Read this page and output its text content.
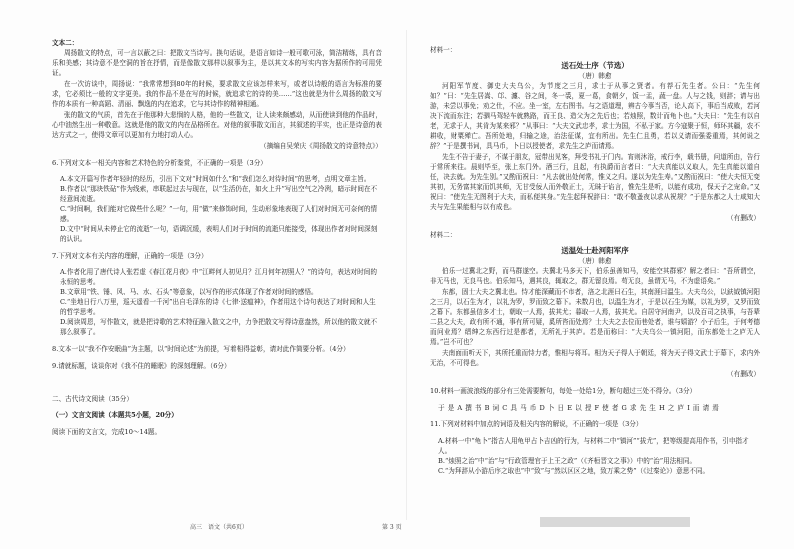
文本二：

周扬散文的特点，可一言以蔽之曰：把散文当诗写。换句话说，是语言如诗一般可歌可泳，简洁精练，具有音乐和美感；其诗意不是空洞的旨在抒情，而是像散文那样以叙事为主，是以其文本的写实内容为据所作的可用凭证。

在一次访谈中，周扬说：“我常常想到80年的时候，要求散文应该怎样来写，或者以诗般的语言为标准的要求，它必须比一般的文字更美。我的作品不是在写的时候，就追求它的诗的美……”这也就是为什么周扬的散文写作的本质有一种高蹈、清丽、飘逸的内在追求，它与其诗作的精神相通。

张的散文的气质，首先在于他那种大悲悯的人格，他的一些散文，让人读来颇感动，从而使读到他的作品时，心中油然生出一种敬意。这就是他的散文的内在品格所在。对他的叙事散文而言，其叙述的平实，也正是诗意的表达方式之一，使得文章可以更加有力地打动人心。

（摘编自吴荣庆《周扬散文的诗意特点》）

6.下列对文本一相关内容和艺术特色的分析鉴赏，不正确的一项是（3分）

A.本文开篇写作者年轻时的经历，引出下文对“时间如什么”和“我们怎么对待时间”的思考，点明文章主旨。

B.作者以“那块铁砧”作为线索，串联起过去与现在，以“生活仍在，如火上升”写出空气之冷冽，暗示时间在不经意间流逝。

C.“时间啊，我们能对它做些什么呢？”一句，用“做”来修饰时间，生动形象地表现了人们对时间无可奈何的情感。

D.文中“时间从未停止它的流逝”一句，语调沉缓，表明人们对于时间的流逝只能接受，体现出作者对时间深刻的认识。

7.下列对文本有关内容的理解，正确的一项是（3分）

A.作者化用了唐代诗人张若虚《春江花月夜》中“江畔何人初见月？江月何年初照人？”的诗句，表达对时间的永恒的思考。

B.文章用“铁、锤、风、马、水、石头”等意象，以写作的形式体现了作者对时间的感悟。

C.“坐地日行八万里，巡天遥看一千河”出自毛泽东的诗《七律·送瘟神》，作者用这个诗句表达了对时间和人生的哲学思考。

D.阅读周恩，写作散文，就是把诗歌的艺术特征融入散文之中，力争把散文写得诗意盎然，所以他的散文就不那么叙事了。

8.文本一以“我不作安眠曲”为主题，以“时间论述”为前提，写着相得益彰，请对此作简要分析。（4分）

9.请就标题，谈谈你对《我不住的睡眠》的深刻理解。（6分）

二、古代诗文阅读（35分）

（一）文言文阅读（本题共5小题，20分）

阅读下面的文言文，完成10～14题。

材料一：

送石处士序（节选）

（唐）韩愈

河阳军节度、御史大夫乌公，为节度之三月，求士于从事之贤者。有荐石先生者。公曰：“先生何如？”曰：“先生居嵩、邙、瀍、谷之间，冬一裘，夏一葛，食朝夕，饭一盂，蔬一盘。人与之钱，则辞；请与出游，未尝以事免；劝之仕，不应。坐一室，左右图书。与之语道理，辨古今事当否，论人高下，事后当成败，若河决下流而东注；若驷马驾轻车就熟路，而王良、造父为之先后也；若烛照，数计而龟卜也。”大夫曰：“先生有以自老，无求于人，其肯为某来邪？”从事曰：“大夫文武忠孝，求士为国，不私于家。方今寇聚于恒，师环其疆，农不耕收，财粟殚亡。吾所处地，归输之途，治法征谋，宜有所出。先生仁且勇，若以义请而强委重焉，其何说之辞？”于是撰书词，具马币，卜日以授使者，求先生之庐而请焉。

先生不告于妻子，不谋于朋友，冠带出见客，拜受书礼于门内。宵则沐浴，戒行李，载书册，问道所由，告行于常所来往。晨则毕至，张上东门外。酒三行，且起，有执爵而言者曰：“大夫真能以义取人，先生真能以道自任，决去就。为先生别。”又酌而祝曰：“凡去就出处何常，惟义之归。遂以为先生寿。”又酌而祝曰：“使大夫恒无变其初，无务富其家而饥其师，无甘受佞人而外敬正士，无昧于谄言，惟先生是听，以能有成功，保天子之宠命。”又祝曰：“使先生无图利于大夫，而私便其身。”先生起拜祝辞曰：“敢不敬蚤夜以求从祝规？”于是东都之人士咸知大夫与先生果能相与以有成也。

（有删改）

材料二：

送温处士赴河阳军序

（唐）韩愈

伯乐一过冀北之野，而马群遂空。夫冀北马多天下，伯乐虽善知马，安能空其群邪？解之者曰：“吾所谓空，非无马也，无良马也。伯乐知马，遇其良，辄取之，群无留良焉。苟无良，虽谓无马，不为虚语矣。”

东都，固士大夫之冀北也。恃才能深藏而不市者，洛之北涯曰石生，其南涯曰温生。大夫乌公，以鈇钺镇河阳之三月，以石生为才，以礼为罗，罗而致之幕下。未数月也，以温生为才，于是以石生为媒，以礼为罗，又罗而致之幕下。东都虽信多才士，朝取一人焉，拔其尤；暮取一人焉，拔其尤。自居守河南尹，以及百司之执事，与吾辈二县之大夫，政有所不通，事有所可疑，奚所咨而处焉？士大夫之去位而巷处者，谁与嬉游？小子后生，于何考德而问业焉？缙绅之东西行过是都者，无所礼于其庐。若是而称曰：“大夫乌公一镇河阳，而东都处士之庐无人焉。”岂不可也？

夫南面而听天下，其所托重而恃力者，惟相与将耳。相为天子得人于朝廷，将为天子得文武士于幕下，求内外无治，不可得也。

（有删改）

10.材料一画波浪线的部分有三处需要断句，每处一处给1分，断句超过三处不得分。（3分）

于 是 A 撰 书 B 词 C 具 马 币 D 卜 日 E 以 授 F 使 者 G 求 先 生 H 之 庐 I 而 请 焉

11.下列对材料中加点的词语及相关内容的解说，不正确的一项是（3分）

A.材料一中“龟卜”指古人用龟甲占卜吉凶的行为，与材料二中“镇河”“拔尤”，把等级提高用作书，引申指才人。

B.“烛照之治”中“治”与“行政管理官于上王之政”（《齐桓晋文之事》）中的“治”用法相同。

C.“为拜辞从小游后序之取也”中“致”与“然以区区之地，致万乘之势”（《过秦论》）意思不同。

高三　语文（共6页）	第 3 页
